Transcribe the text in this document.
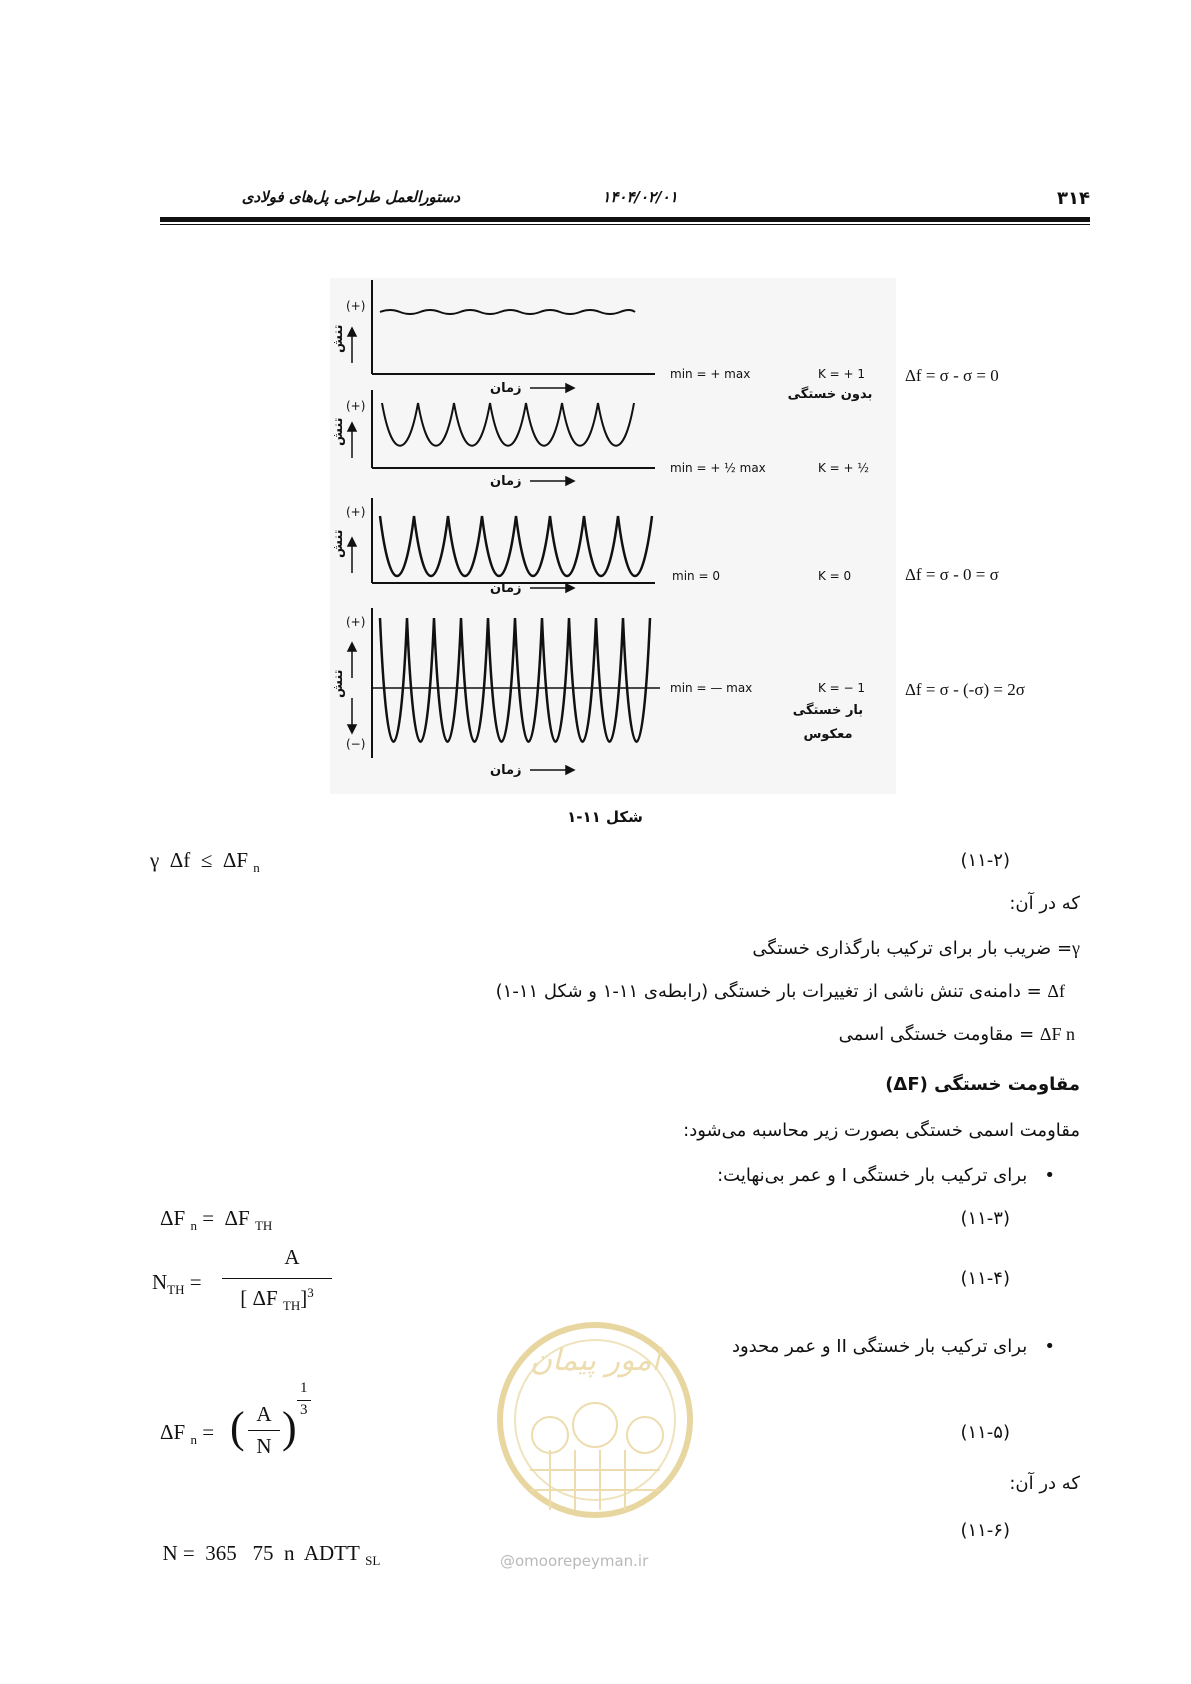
۳۱۴
۱۴۰۴/۰۲/۰۱
دستورالعمل طراحی پل‌های فولادی
(+)
(+)
(+)
(+)
(−)
تنش
تنش
تنش
تنش
زمان
زمان
زمان
زمان
min = + max
min = + ½ max
min = 0
min = — max
K = + 1
K = + ½
K = 0
K = − 1
بدون خستگی
بار خستگی
معکوس
Δf = σ - σ = 0
Δf = σ - 0 = σ
Δf = σ - (-σ) = 2σ
شکل ۱۱-۱
γ Δf ≤ ΔF $_n$	(۱۱-۲)
که در آن:
γ= ضریب بار برای ترکیب بارگذاری خستگی
Δf = دامنه‌ی تنش ناشی از تغییرات بار خستگی (رابطه‌ی ۱۱-۱ و شکل ۱۱-۱)
ΔF n = مقاومت خستگی اسمی
مقاومت خستگی (ΔF)
مقاومت اسمی خستگی بصورت زیر محاسبه می‌شود:
•   برای ترکیب بار خستگی I و عمر بی‌نهایت:
ΔF $_n$ =  ΔF $_{TH}$	(۱۱-۳)
$N_{TH}$ =
A
[ ΔF $_{TH}$]$^3$
(۱۱-۴)
•   برای ترکیب بار خستگی II و عمر محدود
امور پیمان
@omoorepeyman.ir
ΔF $_n$ = ( A
N )
1
3
(۱۱-۵)
که در آن:

N =  365   75  n  ADTT $_{SL}$

(۱۱-۶)
